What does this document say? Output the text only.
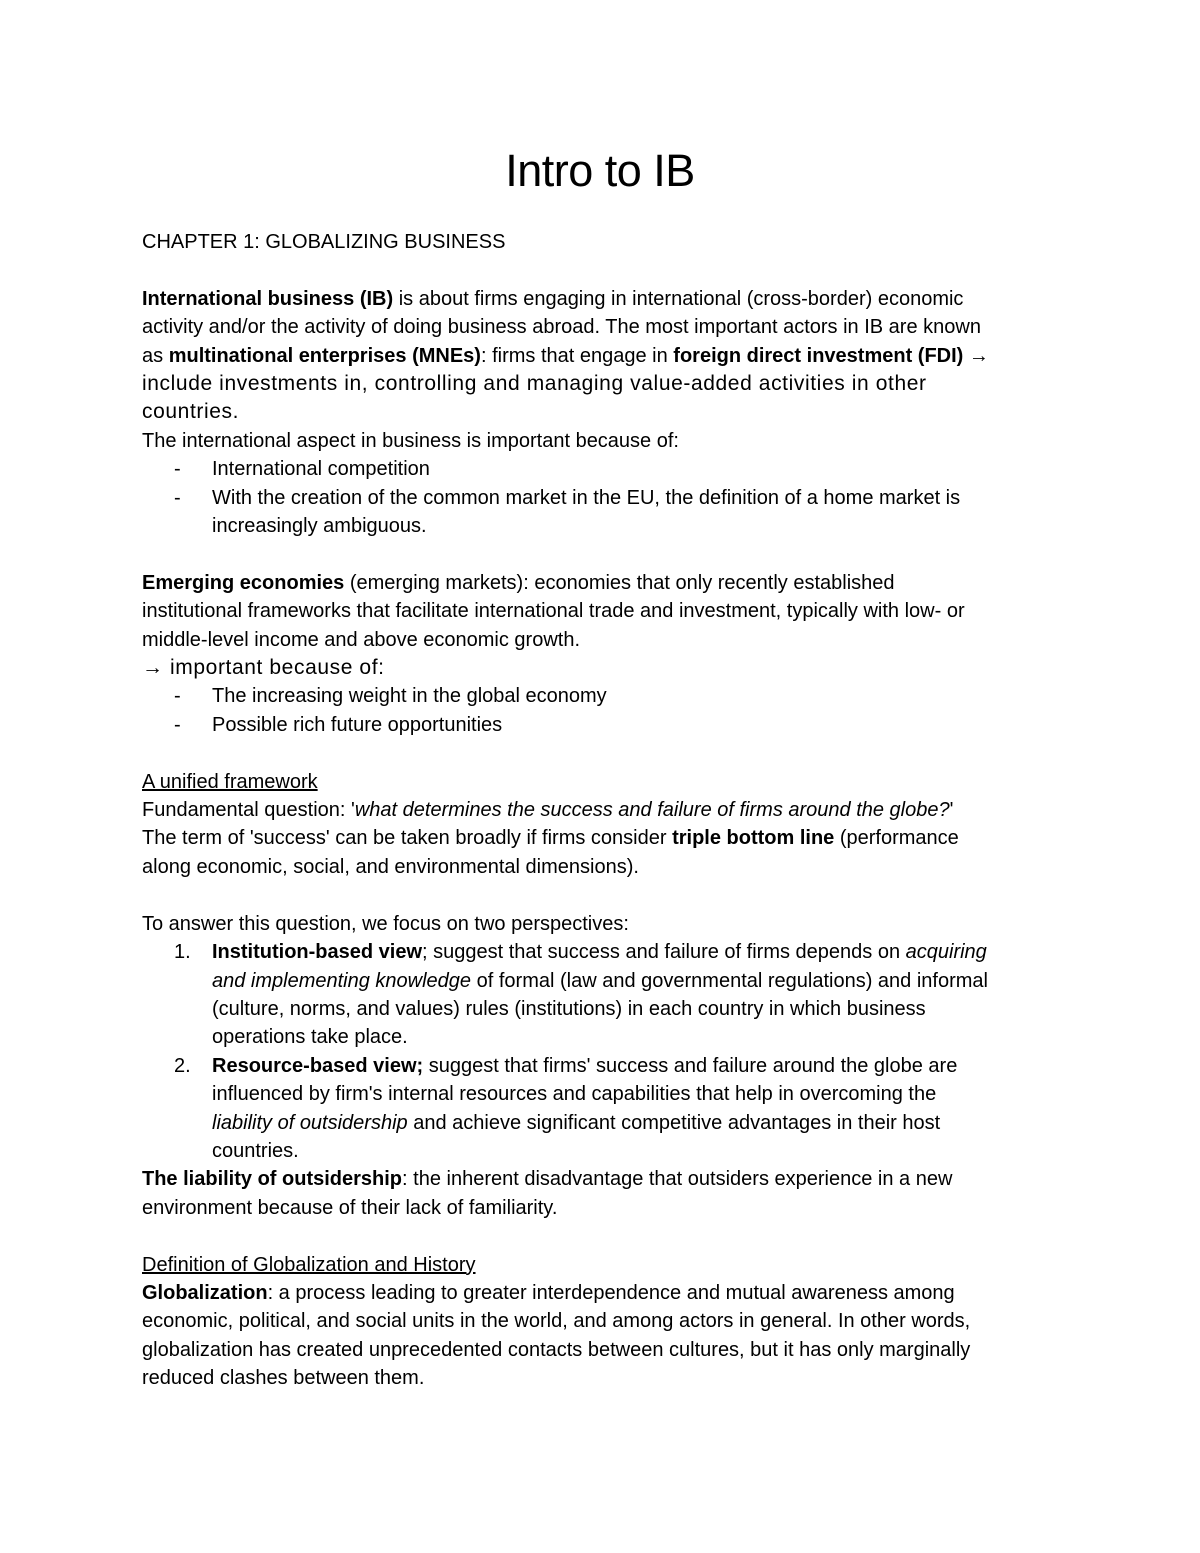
Intro to IB

CHAPTER 1: GLOBALIZING BUSINESS

International business (IB) is about firms engaging in international (cross-border) economic

activity and/or the activity of doing business abroad. The most important actors in IB are known

as multinational enterprises (MNEs): firms that engage in foreign direct investment (FDI) →

include investments in, controlling and managing value-added activities in other

countries.

The international aspect in business is important because of:

-	International competition
-	With the creation of the common market in the EU, the definition of a home market is
increasingly ambiguous.

Emerging economies (emerging markets): economies that only recently established

institutional frameworks that facilitate international trade and investment, typically with low- or

middle-level income and above economic growth.

→ important because of:

-	The increasing weight in the global economy
-	Possible rich future opportunities

A unified framework

Fundamental question: 'what determines the success and failure of firms around the globe?'

The term of 'success' can be taken broadly if firms consider triple bottom line (performance

along economic, social, and environmental dimensions).

To answer this question, we focus on two perspectives:

1.	Institution-based view; suggest that success and failure of firms depends on acquiring
and implementing knowledge of formal (law and governmental regulations) and informal
(culture, norms, and values) rules (institutions) in each country in which business
operations take place.
2.	Resource-based view; suggest that firms' success and failure around the globe are
influenced by firm's internal resources and capabilities that help in overcoming the
liability of outsidership and achieve significant competitive advantages in their host
countries.

The liability of outsidership: the inherent disadvantage that outsiders experience in a new

environment because of their lack of familiarity.

Definition of Globalization and History

Globalization: a process leading to greater interdependence and mutual awareness among

economic, political, and social units in the world, and among actors in general. In other words,

globalization has created unprecedented contacts between cultures, but it has only marginally

reduced clashes between them.
